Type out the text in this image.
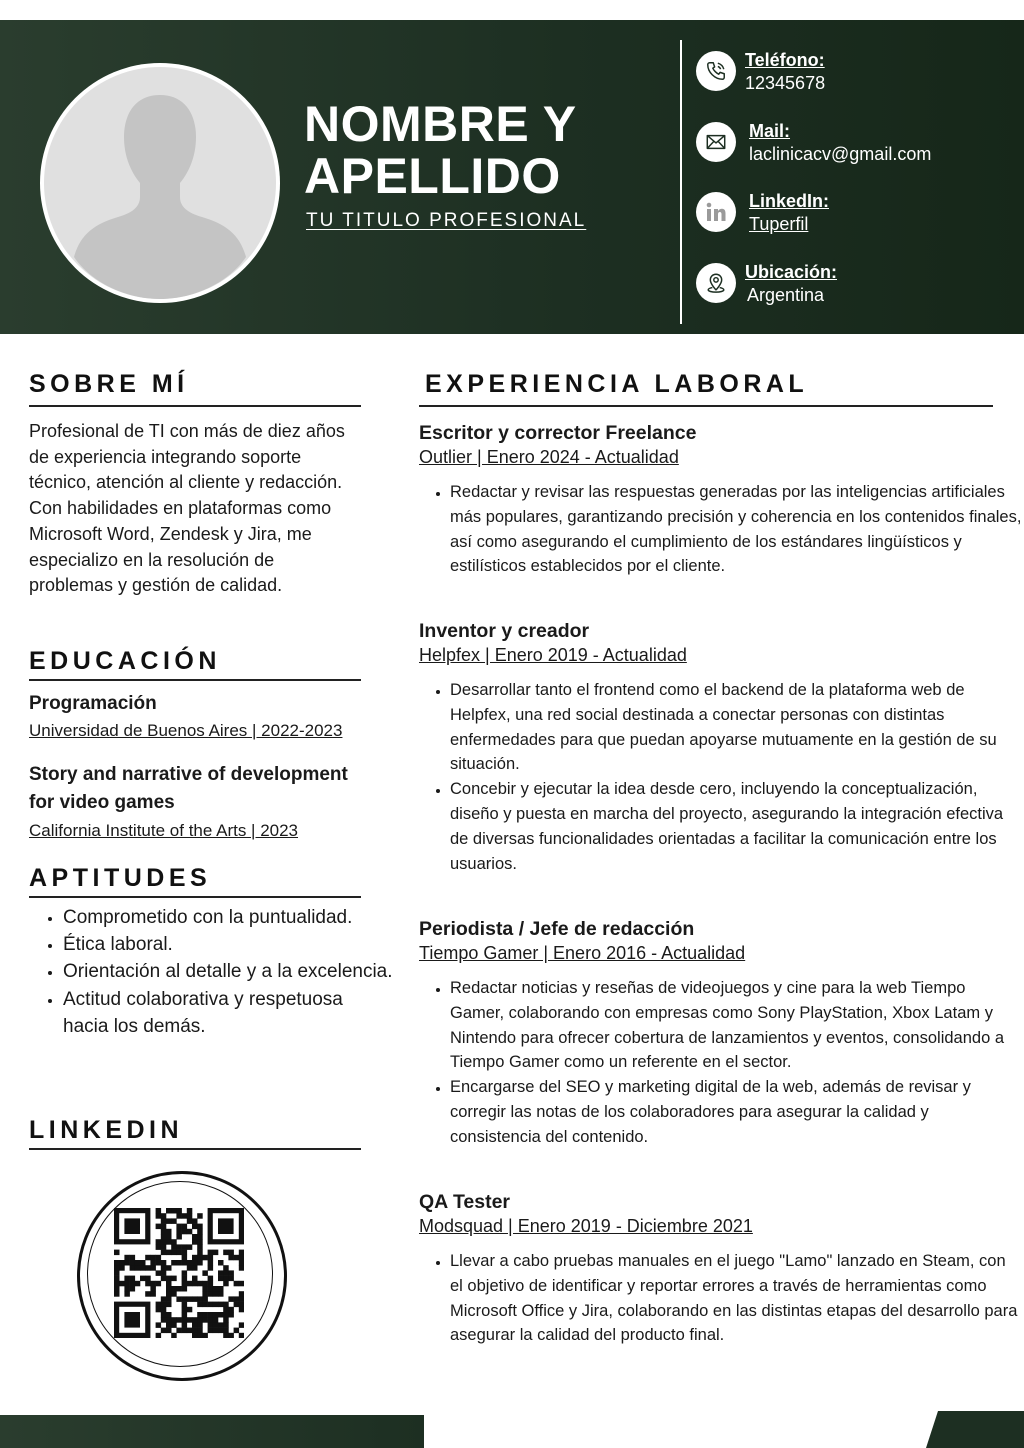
NOMBRE Y
APELLIDO
TU TITULO PROFESIONAL
Teléfono:
12345678
Mail:
laclinicacv@gmail.com
LinkedIn:
Tuperfil
Ubicación:
Argentina
SOBRE MÍ

Profesional de TI con más de diez años de experiencia integrando soporte técnico, atención al cliente y redacción. Con habilidades en plataformas como Microsoft Word, Zendesk y Jira, me especializo en la resolución de problemas y gestión de calidad.

EDUCACIÓN
Programación
Universidad de Buenos Aires | 2022-2023
Story and narrative of development for video games
California Institute of the Arts | 2023
APTITUDES
• Comprometido con la puntualidad.
• Ética laboral.
• Orientación al detalle y a la excelencia.
• Actitud colaborativa y respetuosa hacia los demás.
LINKEDIN
EXPERIENCIA LABORAL
Escritor y corrector Freelance
Outlier | Enero 2024 - Actualidad
• Redactar y revisar las respuestas generadas por las inteligencias artificiales más populares, garantizando precisión y coherencia en los contenidos finales, así como asegurando el cumplimiento de los estándares lingüísticos y estilísticos establecidos por el cliente.
Inventor y creador
Helpfex | Enero 2019 - Actualidad
• Desarrollar tanto el frontend como el backend de la plataforma web de Helpfex, una red social destinada a conectar personas con distintas enfermedades para que puedan apoyarse mutuamente en la gestión de su situación.
• Concebir y ejecutar la idea desde cero, incluyendo la conceptualización, diseño y puesta en marcha del proyecto, asegurando la integración efectiva de diversas funcionalidades orientadas a facilitar la comunicación entre los usuarios.
Periodista / Jefe de redacción
Tiempo Gamer | Enero 2016 - Actualidad
• Redactar noticias y reseñas de videojuegos y cine para la web Tiempo Gamer, colaborando con empresas como Sony PlayStation, Xbox Latam y Nintendo para ofrecer cobertura de lanzamientos y eventos, consolidando a Tiempo Gamer como un referente en el sector.
• Encargarse del SEO y marketing digital de la web, además de revisar y corregir las notas de los colaboradores para asegurar la calidad y consistencia del contenido.
QA Tester
Modsquad | Enero 2019 - Diciembre 2021
• Llevar a cabo pruebas manuales en el juego "Lamo" lanzado en Steam, con el objetivo de identificar y reportar errores a través de herramientas como Microsoft Office y Jira, colaborando en las distintas etapas del desarrollo para asegurar la calidad del producto final.
